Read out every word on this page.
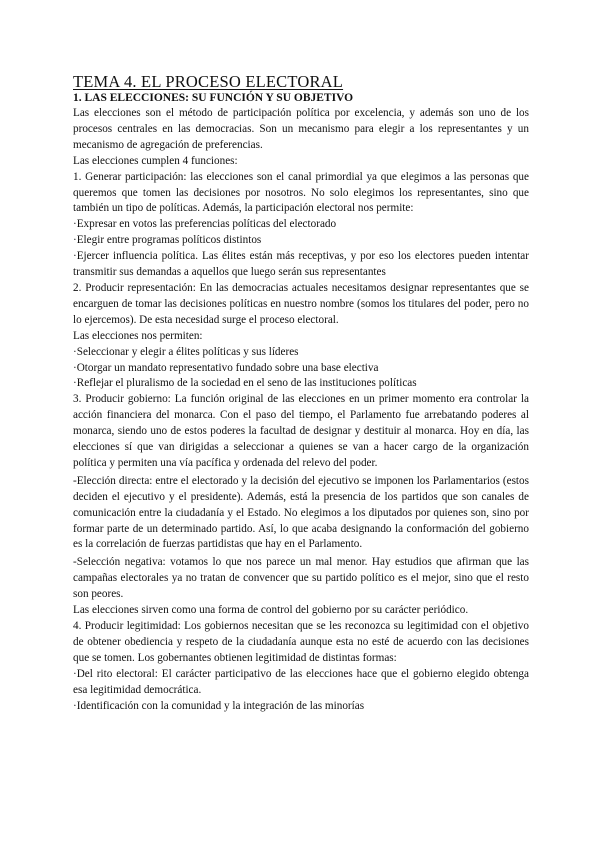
TEMA 4. EL PROCESO ELECTORAL
1. LAS ELECCIONES: SU FUNCIÓN Y SU OBJETIVO

Las elecciones son el método de participación política por excelencia, y además son uno de los procesos centrales en las democracias. Son un mecanismo para elegir a los representantes y un mecanismo de agregación de preferencias.

Las elecciones cumplen 4 funciones:

1. Generar participación: las elecciones son el canal primordial ya que elegimos a las personas que queremos que tomen las decisiones por nosotros. No solo elegimos los representantes, sino que también un tipo de políticas. Además, la participación electoral nos permite:

·Expresar en votos las preferencias políticas del electorado

·Elegir entre programas políticos distintos

·Ejercer influencia política. Las élites están más receptivas, y por eso los electores pueden intentar transmitir sus demandas a aquellos que luego serán sus representantes

2. Producir representación: En las democracias actuales necesitamos designar representantes que se encarguen de tomar las decisiones políticas en nuestro nombre (somos los titulares del poder, pero no lo ejercemos). De esta necesidad surge el proceso electoral.

Las elecciones nos permiten:

·Seleccionar y elegir a élites políticas y sus líderes

·Otorgar un mandato representativo fundado sobre una base electiva

·Reflejar el pluralismo de la sociedad en el seno de las instituciones políticas

3. Producir gobierno: La función original de las elecciones en un primer momento era controlar la acción financiera del monarca. Con el paso del tiempo, el Parlamento fue arrebatando poderes al monarca, siendo uno de estos poderes la facultad de designar y destituir al monarca. Hoy en día, las elecciones sí que van dirigidas a seleccionar a quienes se van a hacer cargo de la organización política y permiten una vía pacífica y ordenada del relevo del poder.

-Elección directa: entre el electorado y la decisión del ejecutivo se imponen los Parlamentarios (estos deciden el ejecutivo y el presidente). Además, está la presencia de los partidos que son canales de comunicación entre la ciudadanía y el Estado. No elegimos a los diputados por quienes son, sino por formar parte de un determinado partido. Así, lo que acaba designando la conformación del gobierno es la correlación de fuerzas partidistas que hay en el Parlamento.

-Selección negativa: votamos lo que nos parece un mal menor. Hay estudios que afirman que las campañas electorales ya no tratan de convencer que su partido político es el mejor, sino que el resto son peores.

Las elecciones sirven como una forma de control del gobierno por su carácter periódico.

4. Producir legitimidad: Los gobiernos necesitan que se les reconozca su legitimidad con el objetivo de obtener obediencia y respeto de la ciudadanía aunque esta no esté de acuerdo con las decisiones que se tomen. Los gobernantes obtienen legitimidad de distintas formas:

·Del rito electoral: El carácter participativo de las elecciones hace que el gobierno elegido obtenga esa legitimidad democrática.

·Identificación con la comunidad y la integración de las minorías
